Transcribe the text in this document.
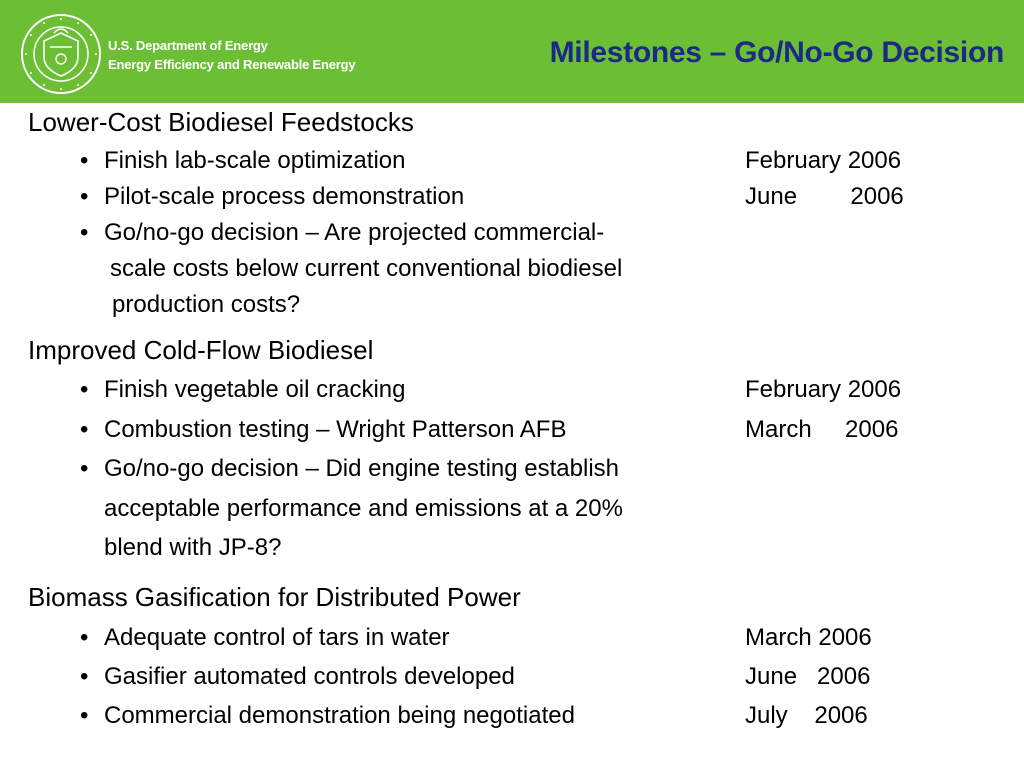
U.S. Department of Energy
Energy Efficiency and Renewable Energy	Milestones – Go/No-Go Decision
Lower-Cost Biodiesel Feedstocks
• Finish lab-scale optimization	February 2006
• Pilot-scale process demonstration	June        2006
• Go/no-go decision – Are projected commercial-
scale costs below current conventional biodiesel
production costs?
Improved Cold-Flow Biodiesel
• Finish vegetable oil cracking	February 2006
• Combustion testing – Wright Patterson AFB	March     2006
• Go/no-go decision – Did engine testing establish
acceptable performance and emissions at a 20%
blend with JP-8?
Biomass Gasification for Distributed Power
• Adequate control of tars in water	March 2006
• Gasifier automated controls developed	June   2006
• Commercial demonstration being negotiated	July    2006
